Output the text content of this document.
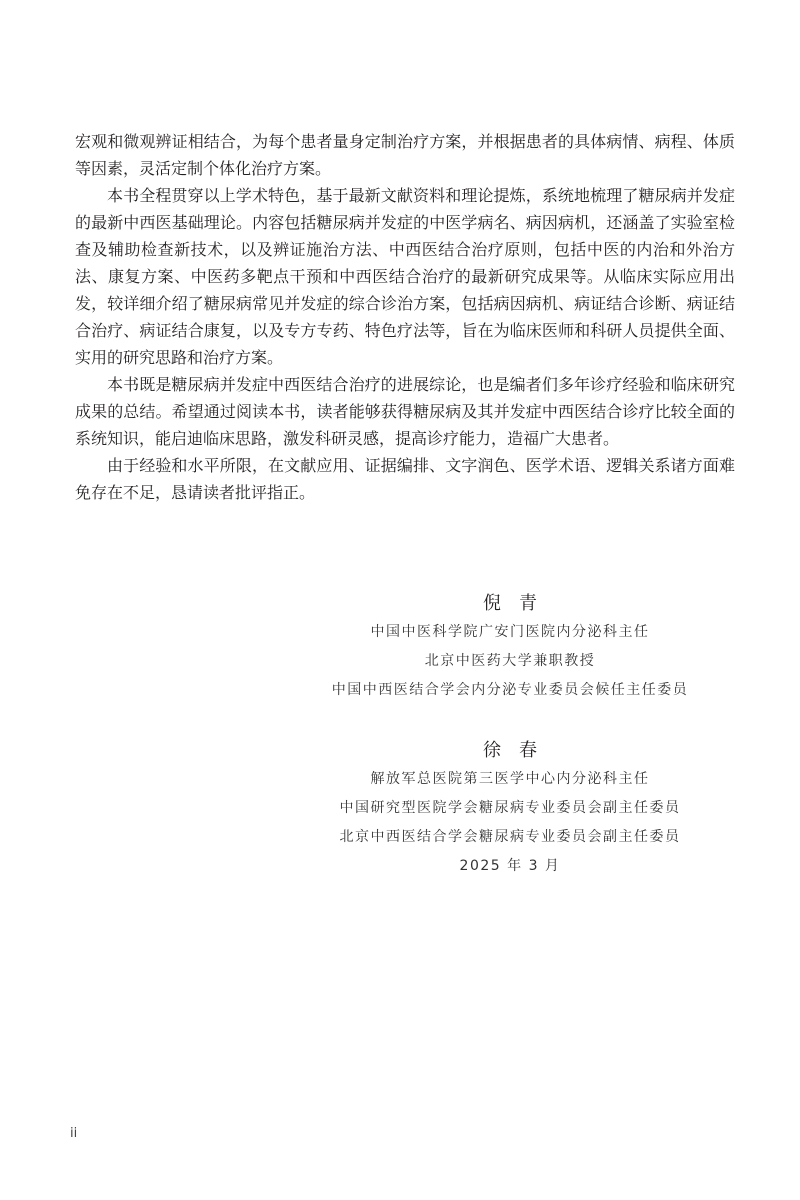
宏观和微观辨证相结合，为每个患者量身定制治疗方案，并根据患者的具体病情、病程、体质等因素，灵活定制个体化治疗方案。

本书全程贯穿以上学术特色，基于最新文献资料和理论提炼，系统地梳理了糖尿病并发症的最新中西医基础理论。内容包括糖尿病并发症的中医学病名、病因病机，还涵盖了实验室检查及辅助检查新技术，以及辨证施治方法、中西医结合治疗原则，包括中医的内治和外治方法、康复方案、中医药多靶点干预和中西医结合治疗的最新研究成果等。从临床实际应用出发，较详细介绍了糖尿病常见并发症的综合诊治方案，包括病因病机、病证结合诊断、病证结合治疗、病证结合康复，以及专方专药、特色疗法等，旨在为临床医师和科研人员提供全面、实用的研究思路和治疗方案。

本书既是糖尿病并发症中西医结合治疗的进展综论，也是编者们多年诊疗经验和临床研究成果的总结。希望通过阅读本书，读者能够获得糖尿病及其并发症中西医结合诊疗比较全面的系统知识，能启迪临床思路，激发科研灵感，提高诊疗能力，造福广大患者。

由于经验和水平所限，在文献应用、证据编排、文字润色、医学术语、逻辑关系诸方面难免存在不足，恳请读者批评指正。

倪青
中国中医科学院广安门医院内分泌科主任
北京中医药大学兼职教授
中国中西医结合学会内分泌专业委员会候任主任委员
徐春
解放军总医院第三医学中心内分泌科主任
中国研究型医院学会糖尿病专业委员会副主任委员
北京中西医结合学会糖尿病专业委员会副主任委员
2025 年 3 月
ii
